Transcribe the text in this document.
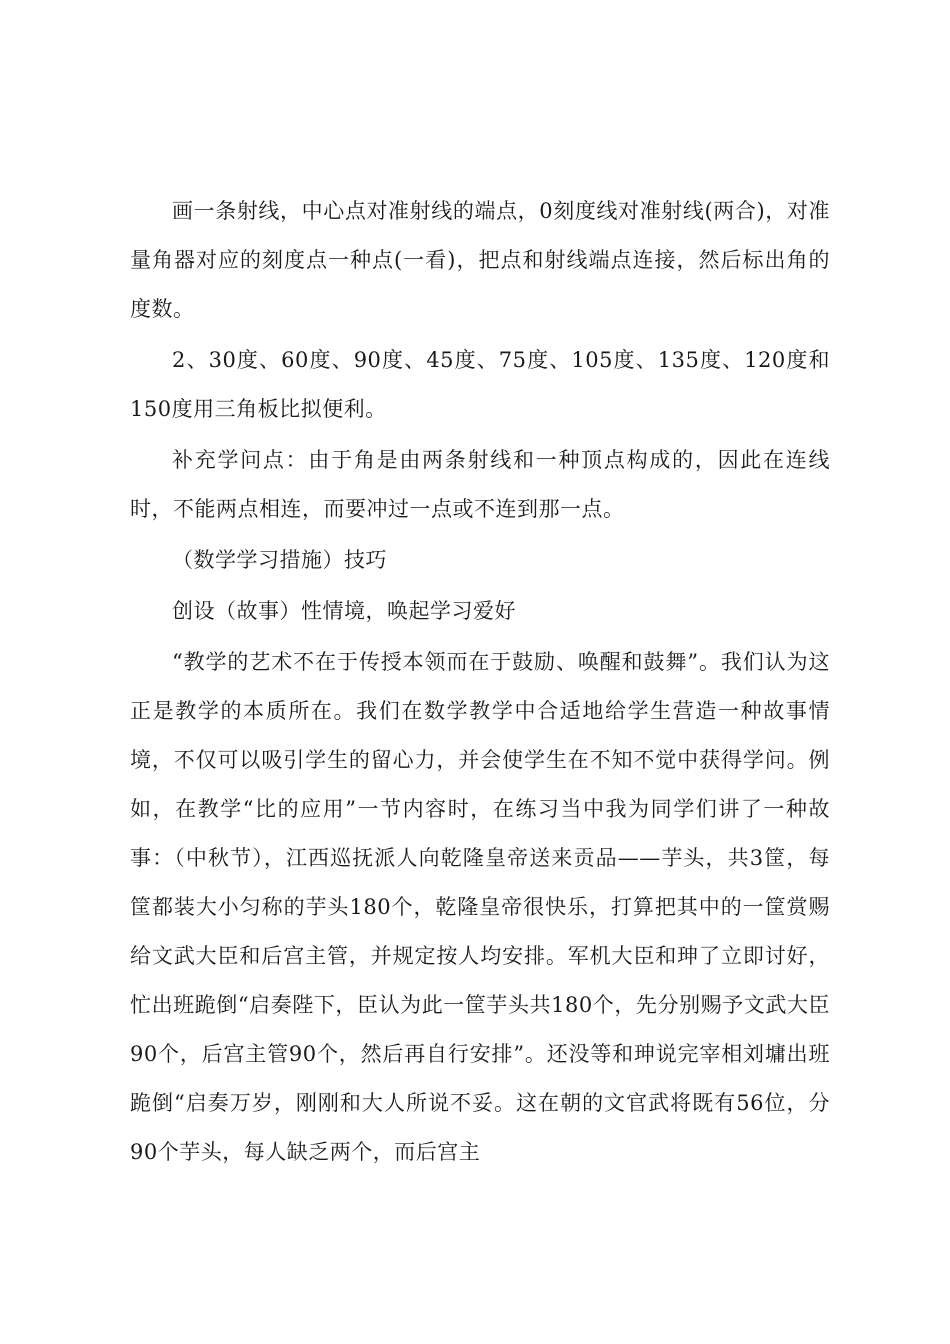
画一条射线，中心点对准射线的端点，0刻度线对准射线(两合)，对准量角器对应的刻度点一种点(一看)，把点和射线端点连接，然后标出角的度数。

2、30度、60度、90度、45度、75度、105度、135度、120度和150度用三角板比拟便利。

补充学问点：由于角是由两条射线和一种顶点构成的，因此在连线时，不能两点相连，而要冲过一点或不连到那一点。

（数学学习措施）技巧

创设（故事）性情境，唤起学习爱好

“教学的艺术不在于传授本领而在于鼓励、唤醒和鼓舞”。我们认为这正是教学的本质所在。我们在数学教学中合适地给学生营造一种故事情境，不仅可以吸引学生的留心力，并会使学生在不知不觉中获得学问。例如，在教学“比的应用”一节内容时，在练习当中我为同学们讲了一种故事：（中秋节），江西巡抚派人向乾隆皇帝送来贡品——芋头，共3筐，每筐都装大小匀称的芋头180个，乾隆皇帝很快乐，打算把其中的一筐赏赐给文武大臣和后宫主管，并规定按人均安排。军机大臣和珅了立即讨好，忙出班跪倒“启奏陛下，臣认为此一筐芋头共180个，先分别赐予文武大臣90个，后宫主管90个，然后再自行安排”。还没等和珅说完宰相刘墉出班跪倒“启奏万岁，刚刚和大人所说不妥。这在朝的文官武将既有56位，分90个芋头，每人缺乏两个，而后宫主
